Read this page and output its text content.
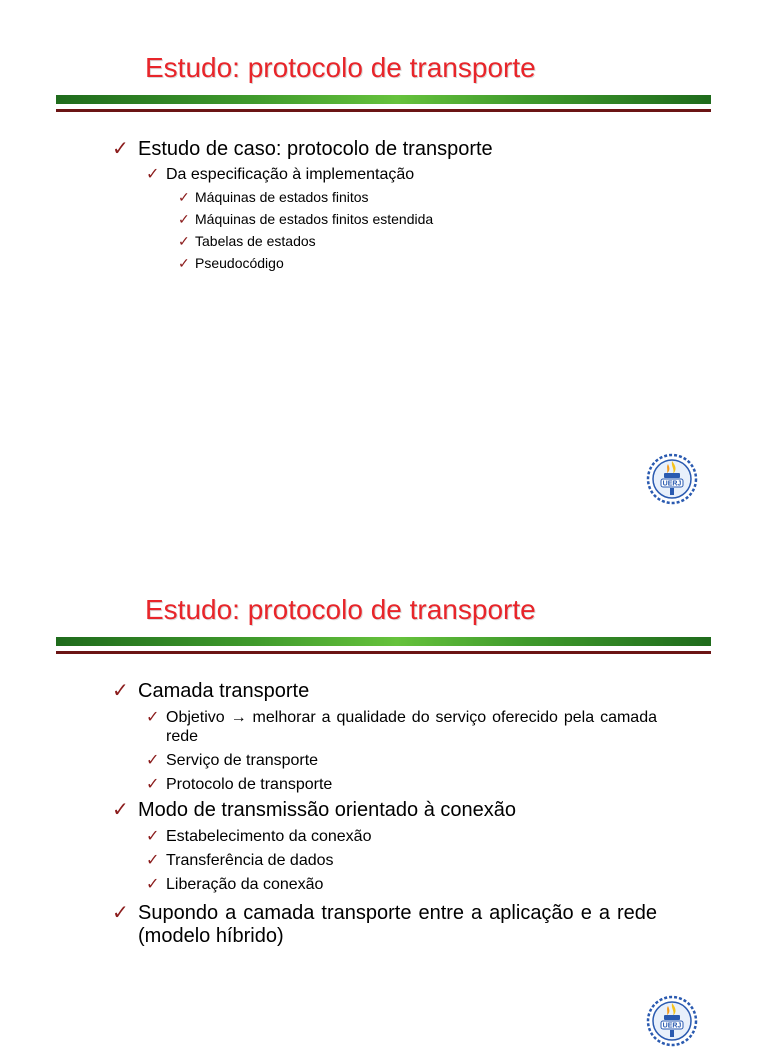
Estudo: protocolo de transporte
✓ Estudo de caso: protocolo de transporte
✓ Da especificação à implementação
✓ Máquinas de estados finitos
✓ Máquinas de estados finitos estendida
✓ Tabelas de estados
✓ Pseudocódigo
UERJ
Estudo: protocolo de transporte
✓ Camada transporte
✓ Objetivo → melhorar a qualidade do serviço oferecido pela camada rede
✓ Serviço de transporte
✓ Protocolo de transporte
✓ Modo de transmissão orientado à conexão
✓ Estabelecimento da conexão
✓ Transferência de dados
✓ Liberação da conexão
✓ Supondo a camada transporte entre a aplicação e a rede (modelo híbrido)
UERJ
